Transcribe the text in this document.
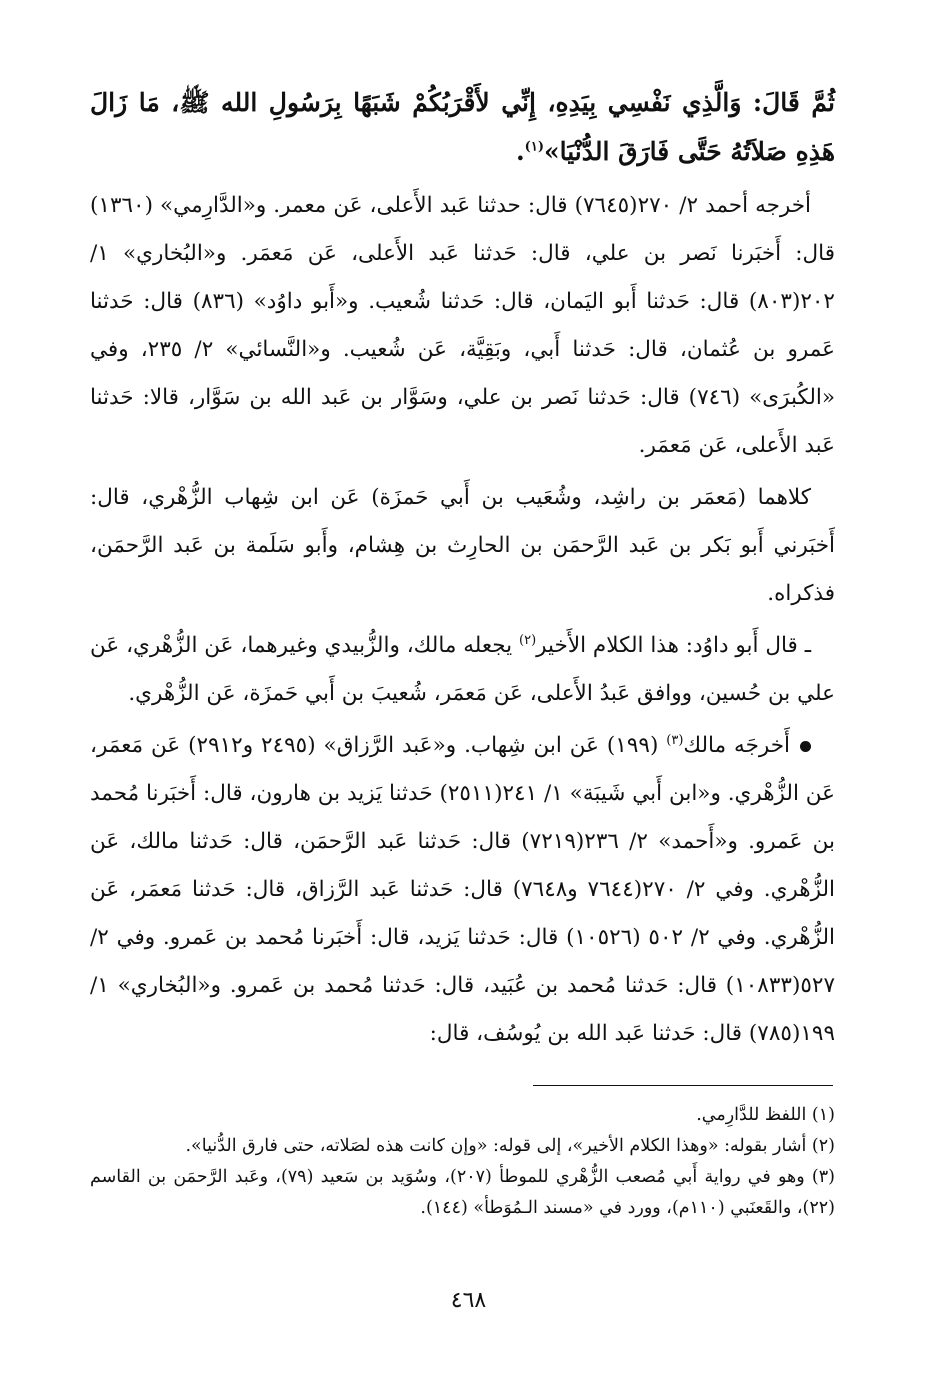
ثُمَّ قَالَ: وَالَّذِي نَفْسِي بِيَدِهِ، إِنِّي لأَقْرَبُكُمْ شَبَهًا بِرَسُولِ الله ﷺ، مَا زَالَ هَذِهِ صَلاَتُهُ حَتَّى فَارَقَ الدُّنْيَا»$^{(١)}$.

أخرجه أحمد ٢/ ٢٧٠(٧٦٤٥) قال: حدثنا عَبد الأَعلى، عَن معمر. و«الدَّارِمي» (١٣٦٠) قال: أَخبَرنا نَصر بن علي، قال: حَدثنا عَبد الأَعلى، عَن مَعمَر. و«البُخاري» ١/ ٢٠٢(٨٠٣) قال: حَدثنا أَبو اليَمان، قال: حَدثنا شُعيب. و«أَبو داوُد» (٨٣٦) قال: حَدثنا عَمرو بن عُثمان، قال: حَدثنا أَبي، وبَقِيَّة، عَن شُعيب. و«النَّسائي» ٢/ ٢٣٥، وفي «الكُبرَى» (٧٤٦) قال: حَدثنا نَصر بن علي، وسَوَّار بن عَبد الله بن سَوَّار، قالا: حَدثنا عَبد الأَعلى، عَن مَعمَر.

كلاهما (مَعمَر بن راشِد، وشُعَيب بن أَبي حَمزَة) عَن ابن شِهاب الزُّهْري، قال: أَخبَرني أَبو بَكر بن عَبد الرَّحمَن بن الحارِث بن هِشام، وأَبو سَلَمة بن عَبد الرَّحمَن، فذكراه.

ـ قال أَبو داوُد: هذا الكلام الأَخير$^{(٢)}$ يجعله مالك، والزُّبيدي وغيرهما، عَن الزُّهْري، عَن علي بن حُسين، ووافق عَبدُ الأَعلى، عَن مَعمَر، شُعيبَ بن أَبي حَمزَة، عَن الزُّهْري.

أَخرجَه مالك$^{(٣)}$ (١٩٩) عَن ابن شِهاب. و«عَبد الرَّزاق» (٢٤٩٥ و٢٩١٢) عَن مَعمَر، عَن الزُّهْري. و«ابن أَبي شَيبَة» ١/ ٢٤١(٢٥١١) حَدثنا يَزيد بن هارون، قال: أَخبَرنا مُحمد بن عَمرو. و«أَحمد» ٢/ ٢٣٦(٧٢١٩) قال: حَدثنا عَبد الرَّحمَن، قال: حَدثنا مالك، عَن الزُّهْري. وفي ٢/ ٢٧٠(٧٦٤٤ و٧٦٤٨) قال: حَدثنا عَبد الرَّزاق، قال: حَدثنا مَعمَر، عَن الزُّهْري. وفي ٢/ ٥٠٢ (١٠٥٢٦) قال: حَدثنا يَزيد، قال: أَخبَرنا مُحمد بن عَمرو. وفي ٢/ ٥٢٧(١٠٨٣٣) قال: حَدثنا مُحمد بن عُبَيد، قال: حَدثنا مُحمد بن عَمرو. و«البُخاري» ١/ ١٩٩(٧٨٥) قال: حَدثنا عَبد الله بن يُوسُف، قال:

(١) اللفظ للدَّارِمي.

(٢) أشار بقوله: «وهذا الكلام الأخير»، إلى قوله: «وإن كانت هذه لصَلاته، حتى فارق الدُّنيا».

(٣) وهو في رواية أَبي مُصعب الزُّهْري للموطأ (٢٠٧)، وسُوَيد بن سَعيد (٧٩)، وعَبد الرَّحمَن بن القاسم (٢٢)، والقَعنَبي (١١٠م)، وورد في «مسند الـمُوَطأ» (١٤٤).

٤٦٨
